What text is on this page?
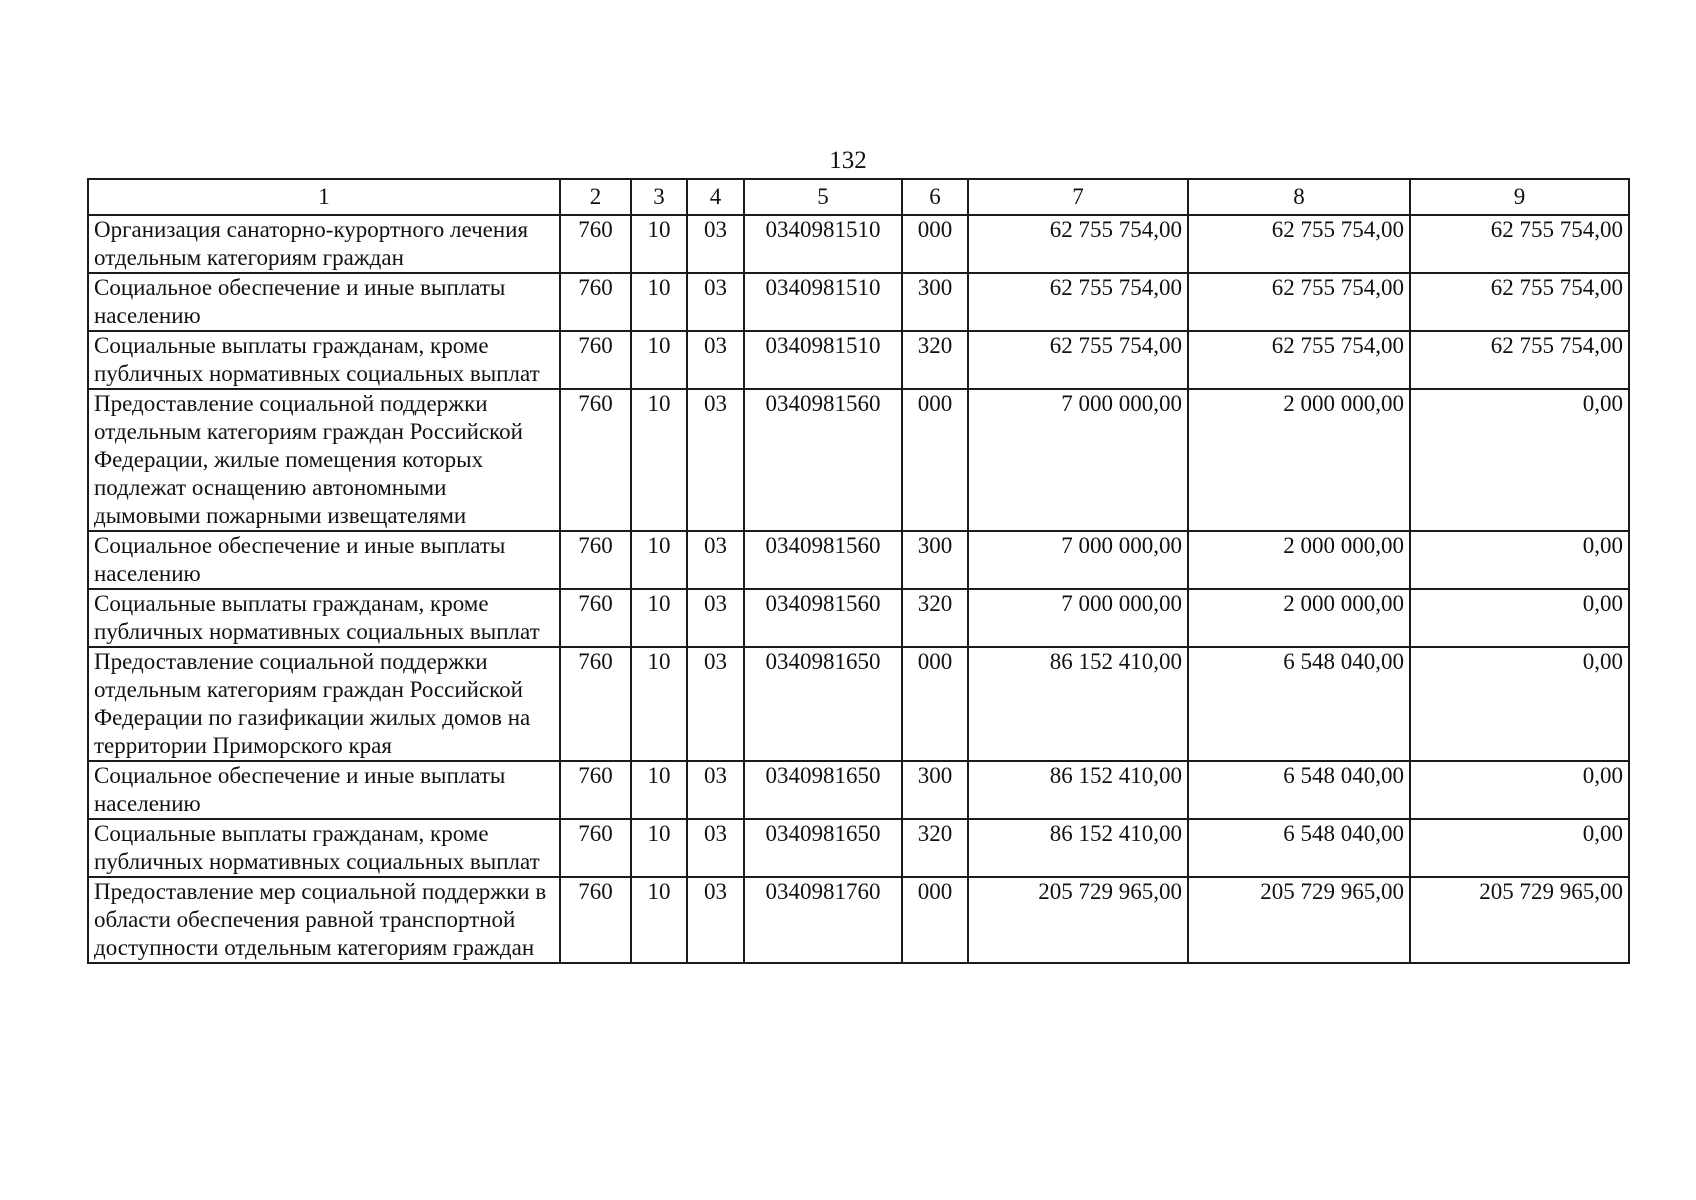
132
1	2	3	4	5	6	7	8	9
Организация санаторно-курортного лечения отдельным категориям граждан	760	10	03	0340981510	000	62 755 754,00	62 755 754,00	62 755 754,00
Социальное обеспечение и иные выплаты населению	760	10	03	0340981510	300	62 755 754,00	62 755 754,00	62 755 754,00
Социальные выплаты гражданам, кроме публичных нормативных социальных выплат	760	10	03	0340981510	320	62 755 754,00	62 755 754,00	62 755 754,00
Предоставление социальной поддержки отдельным категориям граждан Российской Федерации, жилые помещения которых подлежат оснащению автономными дымовыми пожарными извещателями	760	10	03	0340981560	000	7 000 000,00	2 000 000,00	0,00
Социальное обеспечение и иные выплаты населению	760	10	03	0340981560	300	7 000 000,00	2 000 000,00	0,00
Социальные выплаты гражданам, кроме публичных нормативных социальных выплат	760	10	03	0340981560	320	7 000 000,00	2 000 000,00	0,00
Предоставление социальной поддержки отдельным категориям граждан Российской Федерации по газификации жилых домов на территории Приморского края	760	10	03	0340981650	000	86 152 410,00	6 548 040,00	0,00
Социальное обеспечение и иные выплаты населению	760	10	03	0340981650	300	86 152 410,00	6 548 040,00	0,00
Социальные выплаты гражданам, кроме публичных нормативных социальных выплат	760	10	03	0340981650	320	86 152 410,00	6 548 040,00	0,00
Предоставление мер социальной поддержки в области обеспечения равной транспортной доступности отдельным категориям граждан	760	10	03	0340981760	000	205 729 965,00	205 729 965,00	205 729 965,00
